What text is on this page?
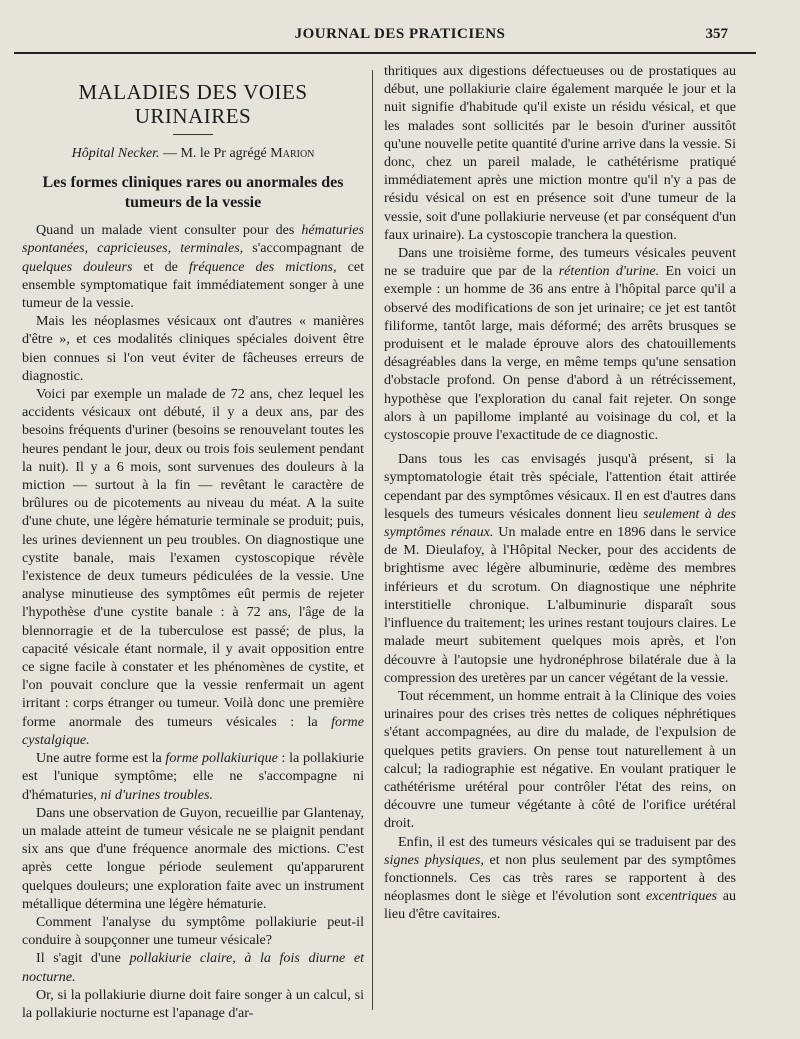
JOURNAL DES PRATICIENS	357
MALADIES DES VOIES URINAIRES
Hôpital Necker. — M. le Pr agrégé Marion
Les formes cliniques rares ou anormales des tumeurs de la vessie

Quand un malade vient consulter pour des hématuries spontanées, capricieuses, terminales, s'accompagnant de quelques douleurs et de fréquence des mictions, cet ensemble symptomatique fait immédiatement songer à une tumeur de la vessie.

Mais les néoplasmes vésicaux ont d'autres « manières d'être », et ces modalités cliniques spéciales doivent être bien connues si l'on veut éviter de fâcheuses erreurs de diagnostic.

Voici par exemple un malade de 72 ans, chez lequel les accidents vésicaux ont débuté, il y a deux ans, par des besoins fréquents d'uriner (besoins se renouvelant toutes les heures pendant le jour, deux ou trois fois seulement pendant la nuit). Il y a 6 mois, sont survenues des douleurs à la miction — surtout à la fin — revêtant le caractère de brûlures ou de picotements au niveau du méat. A la suite d'une chute, une légère hématurie terminale se produit; puis, les urines deviennent un peu troubles. On diagnostique une cystite banale, mais l'examen cystoscopique révèle l'existence de deux tumeurs pédiculées de la vessie. Une analyse minutieuse des symptômes eût permis de rejeter l'hypothèse d'une cystite banale : à 72 ans, l'âge de la blennorragie et de la tuberculose est passé; de plus, la capacité vésicale étant normale, il y avait opposition entre ce signe facile à constater et les phénomènes de cystite, et l'on pouvait conclure que la vessie renfermait un agent irritant : corps étranger ou tumeur. Voilà donc une première forme anormale des tumeurs vésicales : la forme cystalgique.

Une autre forme est la forme pollakiurique : la pollakiurie est l'unique symptôme; elle ne s'accompagne ni d'hématuries, ni d'urines troubles.

Dans une observation de Guyon, recueillie par Glantenay, un malade atteint de tumeur vésicale ne se plaignit pendant six ans que d'une fréquence anormale des mictions. C'est après cette longue période seulement qu'apparurent quelques douleurs; une exploration faite avec un instrument métallique détermina une légère hématurie.

Comment l'analyse du symptôme pollakiurie peut-il conduire à soupçonner une tumeur vésicale?

Il s'agit d'une pollakiurie claire, à la fois diurne et nocturne.

Or, si la pollakiurie diurne doit faire songer à un calcul, si la pollakiurie nocturne est l'apanage d'ar-

thritiques aux digestions défectueuses ou de prostatiques au début, une pollakiurie claire également marquée le jour et la nuit signifie d'habitude qu'il existe un résidu vésical, et que les malades sont sollicités par le besoin d'uriner aussitôt qu'une nouvelle petite quantité d'urine arrive dans la vessie. Si donc, chez un pareil malade, le cathétérisme pratiqué immédiatement après une miction montre qu'il n'y a pas de résidu vésical on est en présence soit d'une tumeur de la vessie, soit d'une pollakiurie nerveuse (et par conséquent d'un faux urinaire). La cystoscopie tranchera la question.

Dans une troisième forme, des tumeurs vésicales peuvent ne se traduire que par de la rétention d'urine. En voici un exemple : un homme de 36 ans entre à l'hôpital parce qu'il a observé des modifications de son jet urinaire; ce jet est tantôt filiforme, tantôt large, mais déformé; des arrêts brusques se produisent et le malade éprouve alors des chatouillements désagréables dans la verge, en même temps qu'une sensation d'obstacle profond. On pense d'abord à un rétrécissement, hypothèse que l'exploration du canal fait rejeter. On songe alors à un papillome implanté au voisinage du col, et la cystoscopie prouve l'exactitude de ce diagnostic.

Dans tous les cas envisagés jusqu'à présent, si la symptomatologie était très spéciale, l'attention était attirée cependant par des symptômes vésicaux. Il en est d'autres dans lesquels des tumeurs vésicales donnent lieu seulement à des symptômes rénaux. Un malade entre en 1896 dans le service de M. Dieulafoy, à l'Hôpital Necker, pour des accidents de brightisme avec légère albuminurie, œdème des membres inférieurs et du scrotum. On diagnostique une néphrite interstitielle chronique. L'albuminurie disparaît sous l'influence du traitement; les urines restant toujours claires. Le malade meurt subitement quelques mois après, et l'on découvre à l'autopsie une hydronéphrose bilatérale due à la compression des uretères par un cancer végétant de la vessie.

Tout récemment, un homme entrait à la Clinique des voies urinaires pour des crises très nettes de coliques néphrétiques s'étant accompagnées, au dire du malade, de l'expulsion de quelques petits graviers. On pense tout naturellement à un calcul; la radiographie est négative. En voulant pratiquer le cathétérisme urétéral pour contrôler l'état des reins, on découvre une tumeur végétante à côté de l'orifice urétéral droit.

Enfin, il est des tumeurs vésicales qui se traduisent par des signes physiques, et non plus seulement par des symptômes fonctionnels. Ces cas très rares se rapportent à des néoplasmes dont le siège et l'évolution sont excentriques au lieu d'être cavitaires.
